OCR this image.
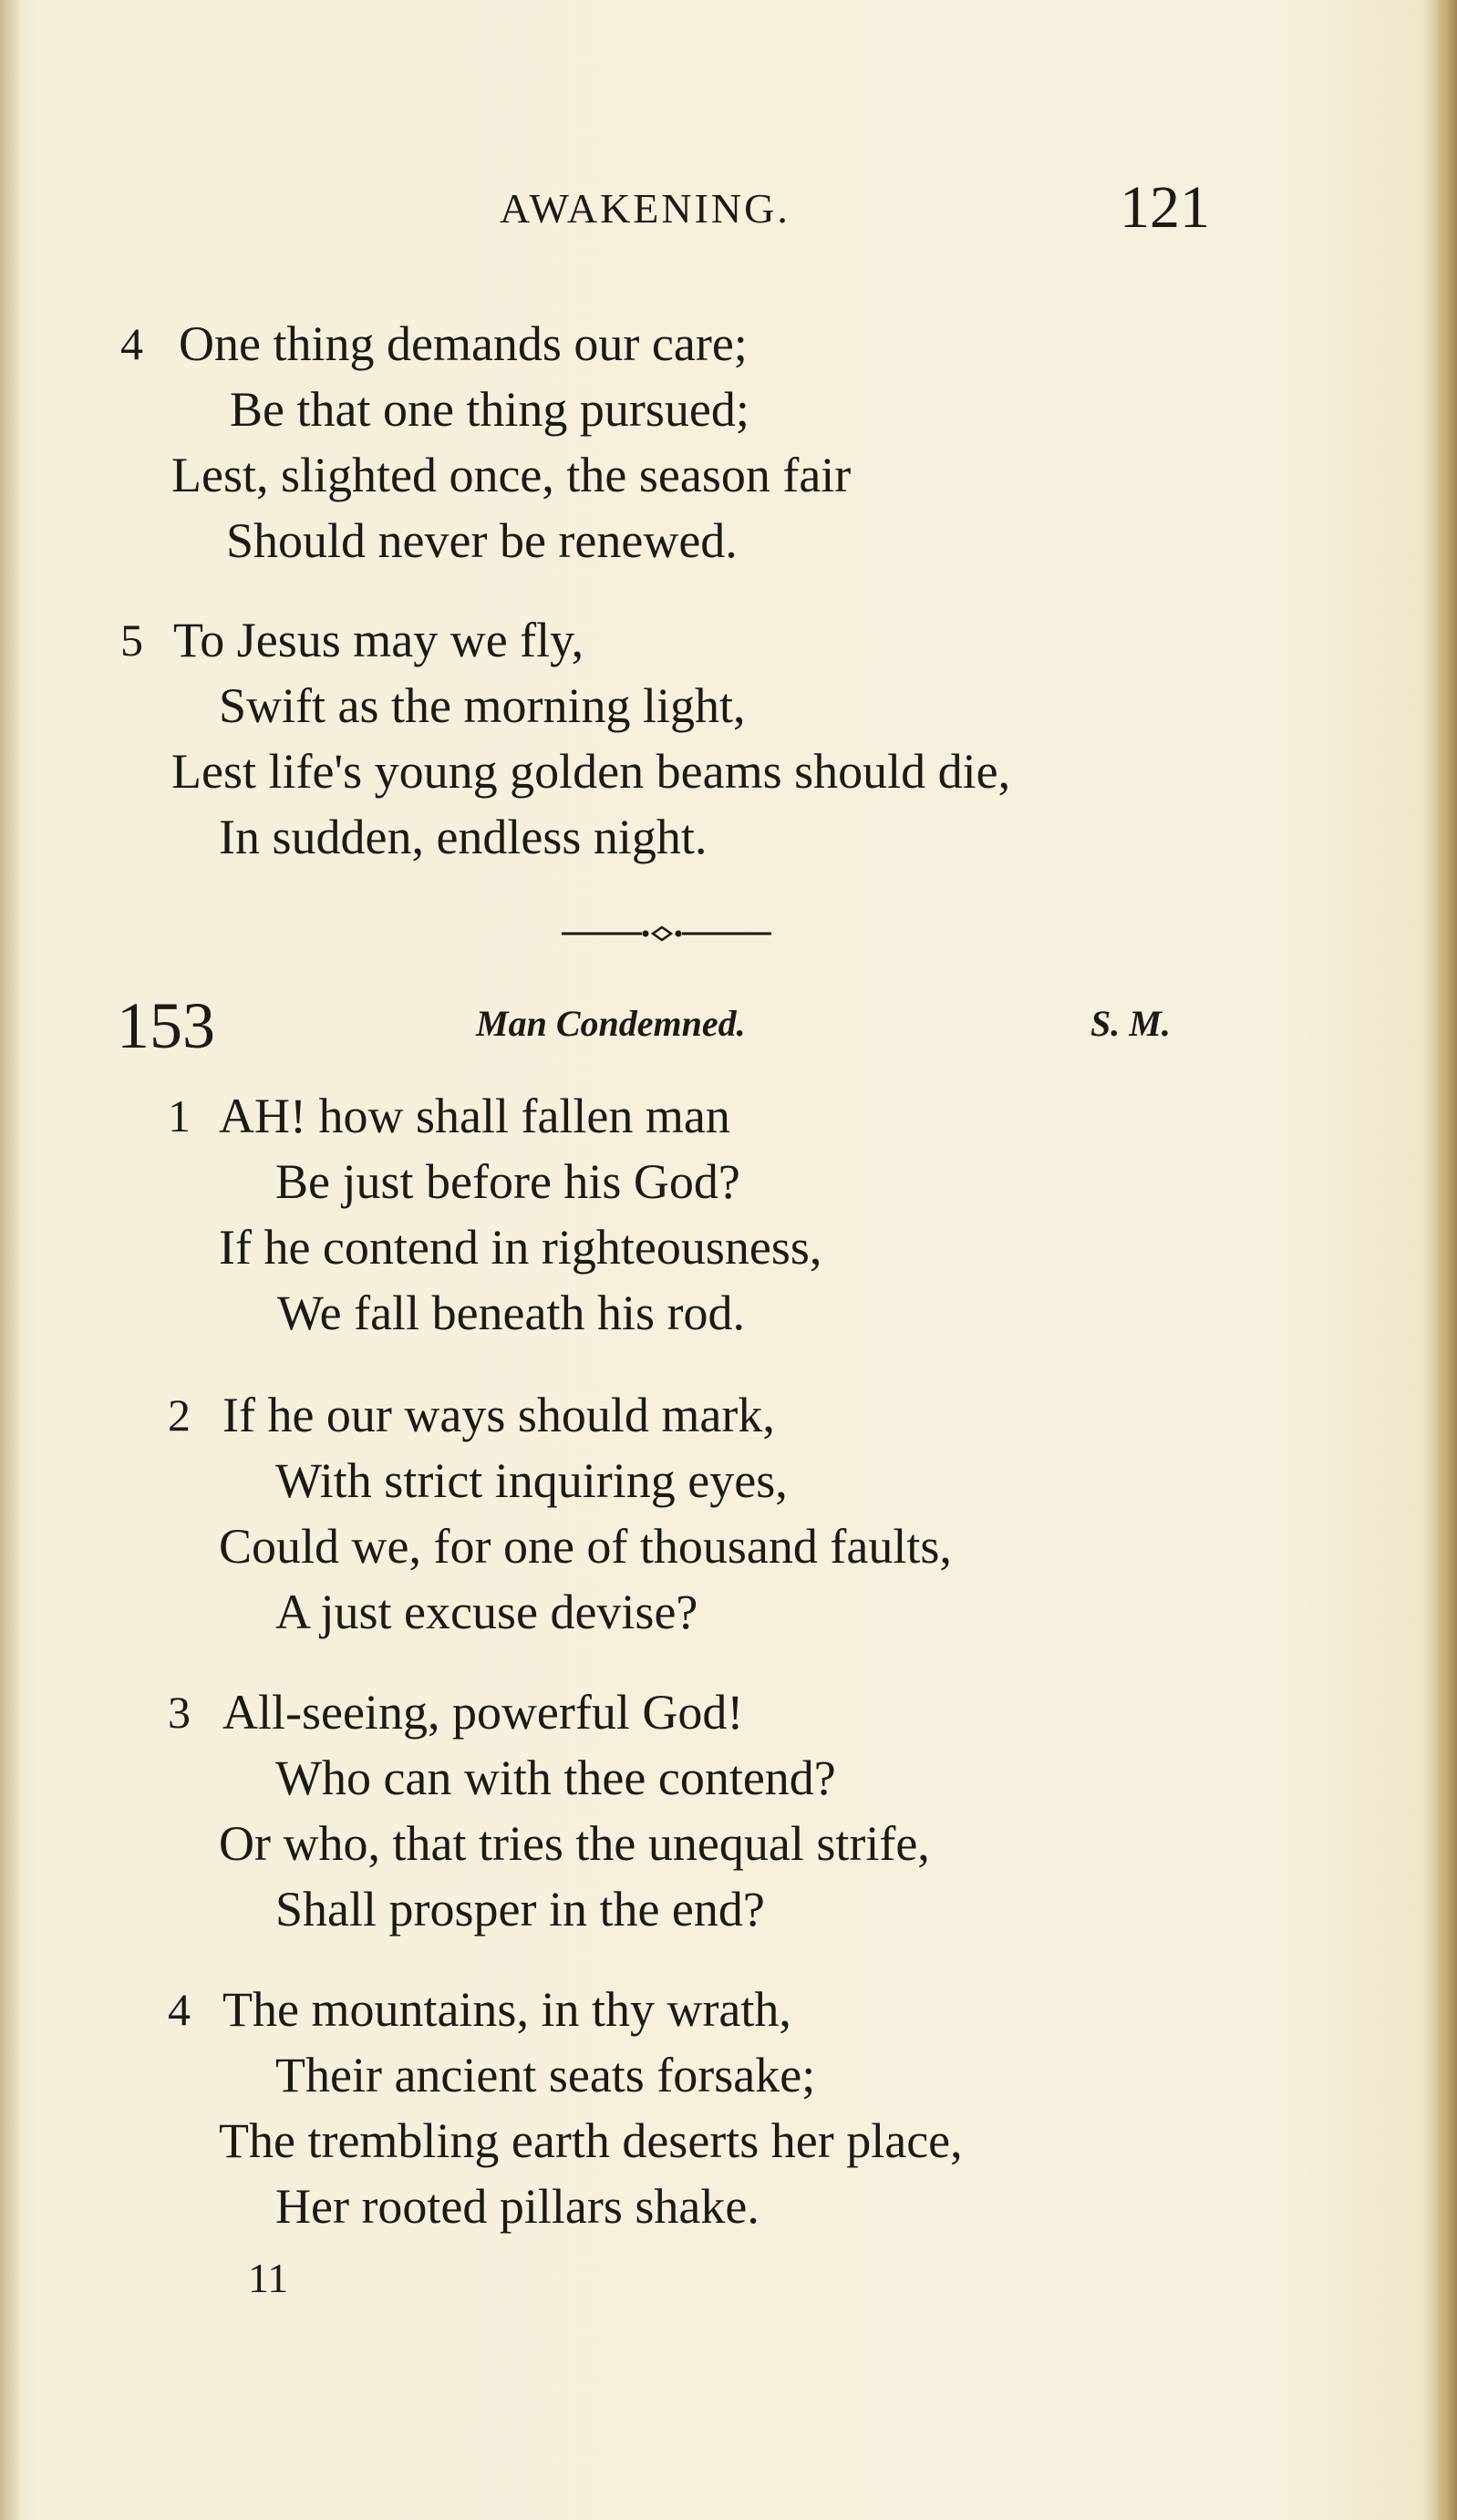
AWAKENING.	121
4 One thing demands our care;
Be that one thing pursued;
Lest, slighted once, the season fair
Should never be renewed.
5 To Jesus may we fly,
Swift as the morning light,
Lest life's young golden beams should die,
In sudden, endless night.
153	Man Condemned.	S. M.
1 AH! how shall fallen man
Be just before his God?
If he contend in righteousness,
We fall beneath his rod.
2 If he our ways should mark,
With strict inquiring eyes,
Could we, for one of thousand faults,
A just excuse devise?
3 All-seeing, powerful God!
Who can with thee contend?
Or who, that tries the unequal strife,
Shall prosper in the end?
4 The mountains, in thy wrath,
Their ancient seats forsake;
The trembling earth deserts her place,
Her rooted pillars shake.
11
